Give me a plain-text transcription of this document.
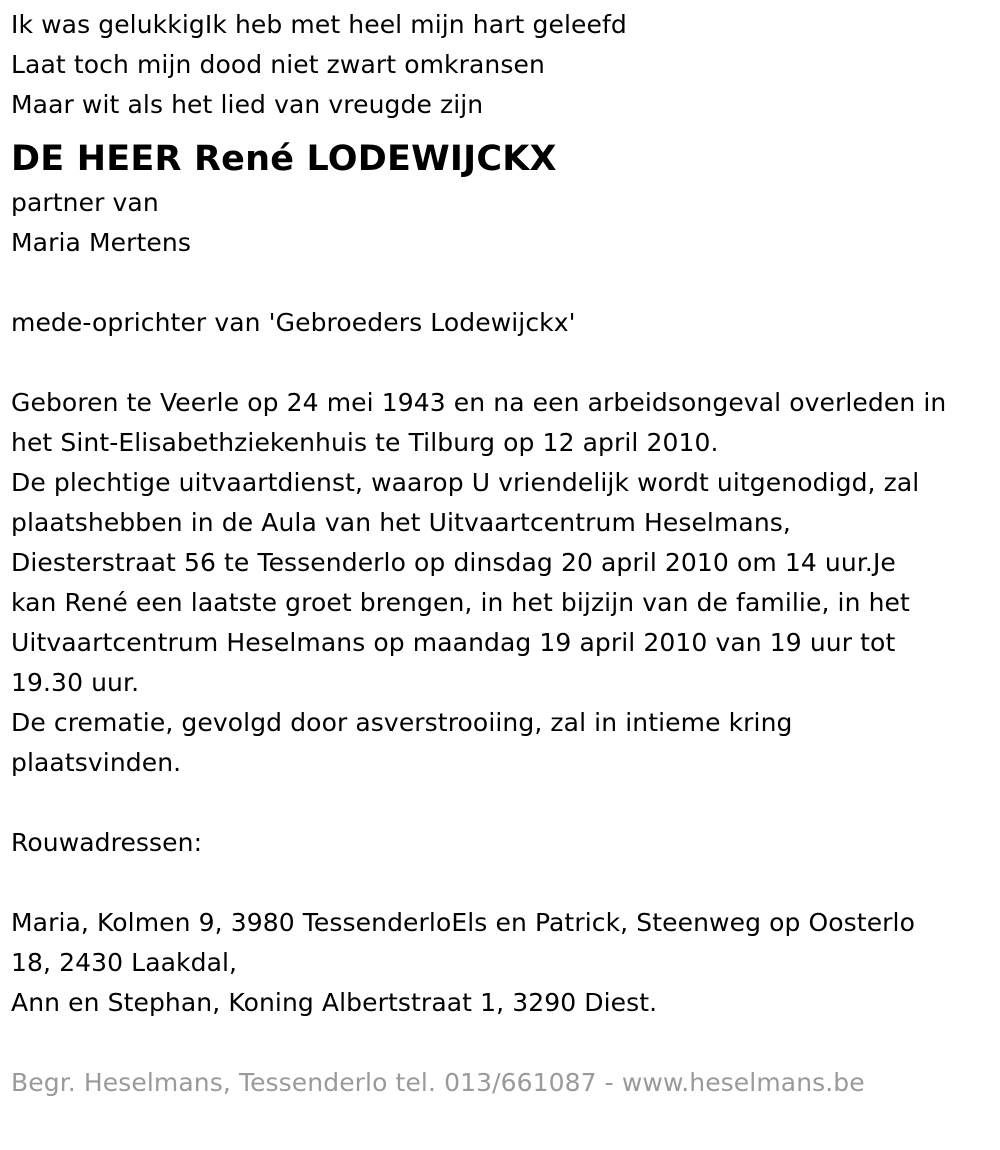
Ik was gelukkigIk heb met heel mijn hart geleefd
Laat toch mijn dood niet zwart omkransen
Maar wit als het lied van vreugde zijn
DE HEER René LODEWIJCKX
partner van
Maria Mertens
mede-oprichter van 'Gebroeders Lodewijckx'
Geboren te Veerle op 24 mei 1943 en na een arbeidsongeval overleden in
het Sint-Elisabethziekenhuis te Tilburg op 12 april 2010.
De plechtige uitvaartdienst, waarop U vriendelijk wordt uitgenodigd, zal
plaatshebben in de Aula van het Uitvaartcentrum Heselmans,
Diesterstraat 56 te Tessenderlo op dinsdag 20 april 2010 om 14 uur.Je
kan René een laatste groet brengen, in het bijzijn van de familie, in het
Uitvaartcentrum Heselmans op maandag 19 april 2010 van 19 uur tot
19.30 uur.
De crematie, gevolgd door asverstrooiing, zal in intieme kring
plaatsvinden.
Rouwadressen:
Maria, Kolmen 9, 3980 TessenderloEls en Patrick, Steenweg op Oosterlo
18, 2430 Laakdal,
Ann en Stephan, Koning Albertstraat 1, 3290 Diest.
Begr. Heselmans, Tessenderlo tel. 013/661087 - www.heselmans.be
